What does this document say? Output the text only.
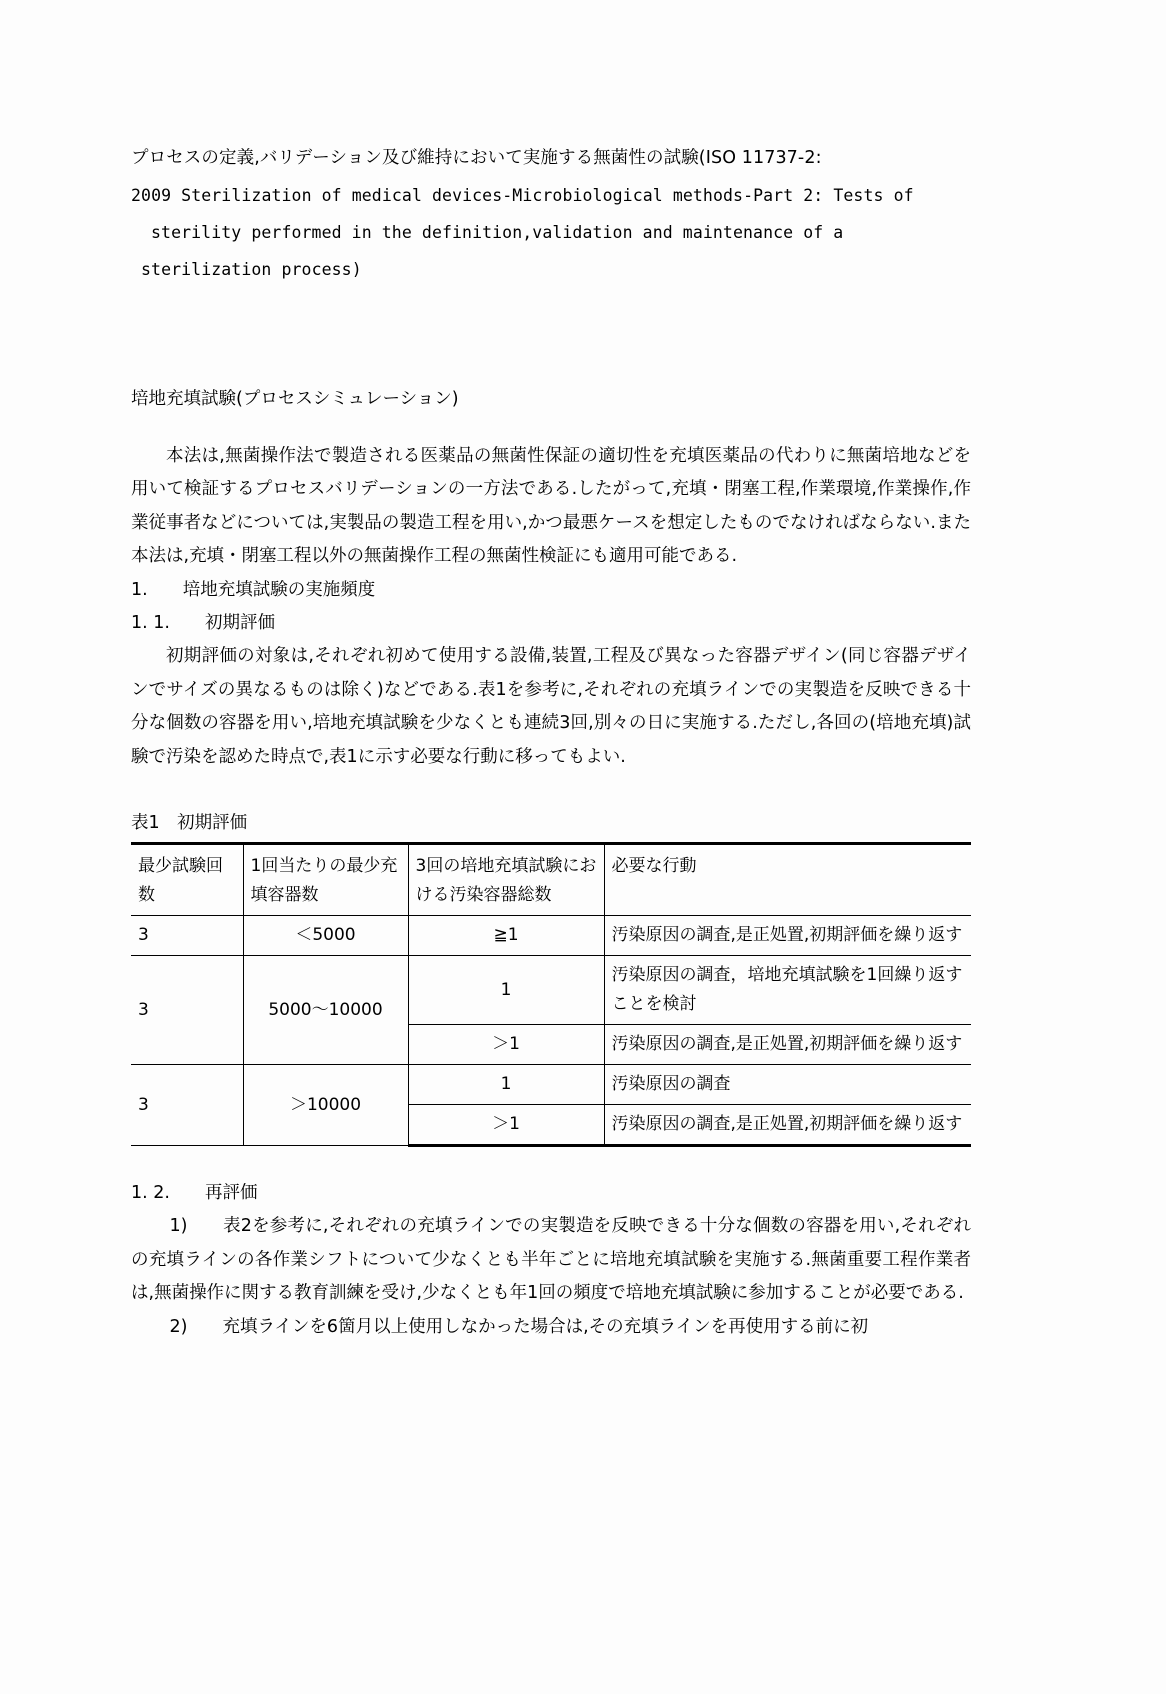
プロセスの定義,バリデーション及び維持において実施する無菌性の試験(ISO 11737-2:
2009 Sterilization of medical devices-Microbiological methods-Part 2: Tests of
sterility performed in the definition,validation and maintenance of a
sterilization process)
培地充填試験(プロセスシミュレーション)

本法は,無菌操作法で製造される医薬品の無菌性保証の適切性を充填医薬品の代わりに無菌培地などを用いて検証するプロセスバリデーションの一方法である.したがって,充填・閉塞工程,作業環境,作業操作,作業従事者などについては,実製品の製造工程を用い,かつ最悪ケースを想定したものでなければならない.また本法は,充填・閉塞工程以外の無菌操作工程の無菌性検証にも適用可能である.

1.　　培地充填試験の実施頻度
1. 1.　　初期評価

初期評価の対象は,それぞれ初めて使用する設備,装置,工程及び異なった容器デザイン(同じ容器デザインでサイズの異なるものは除く)などである.表1を参考に,それぞれの充填ラインでの実製造を反映できる十分な個数の容器を用い,培地充填試験を少なくとも連続3回,別々の日に実施する.ただし,各回の(培地充填)試験で汚染を認めた時点で,表1に示す必要な行動に移ってもよい.

表1　初期評価
最少試験回数	1回当たりの最少充填容器数	3回の培地充填試験における汚染容器総数	必要な行動
3	＜5000	≧1	汚染原因の調査,是正処置,初期評価を繰り返す
3	5000〜10000	1	汚染原因の調査，培地充填試験を1回繰り返すことを検討
		＞1	汚染原因の調査,是正処置,初期評価を繰り返す
3	＞10000	1	汚染原因の調査
		＞1	汚染原因の調査,是正処置,初期評価を繰り返す
1. 2.　　再評価

1)　　表2を参考に,それぞれの充填ラインでの実製造を反映できる十分な個数の容器を用い,それぞれの充填ラインの各作業シフトについて少なくとも半年ごとに培地充填試験を実施する.無菌重要工程作業者は,無菌操作に関する教育訓練を受け,少なくとも年1回の頻度で培地充填試験に参加することが必要である.

2)　　充填ラインを6箇月以上使用しなかった場合は,その充填ラインを再使用する前に初
